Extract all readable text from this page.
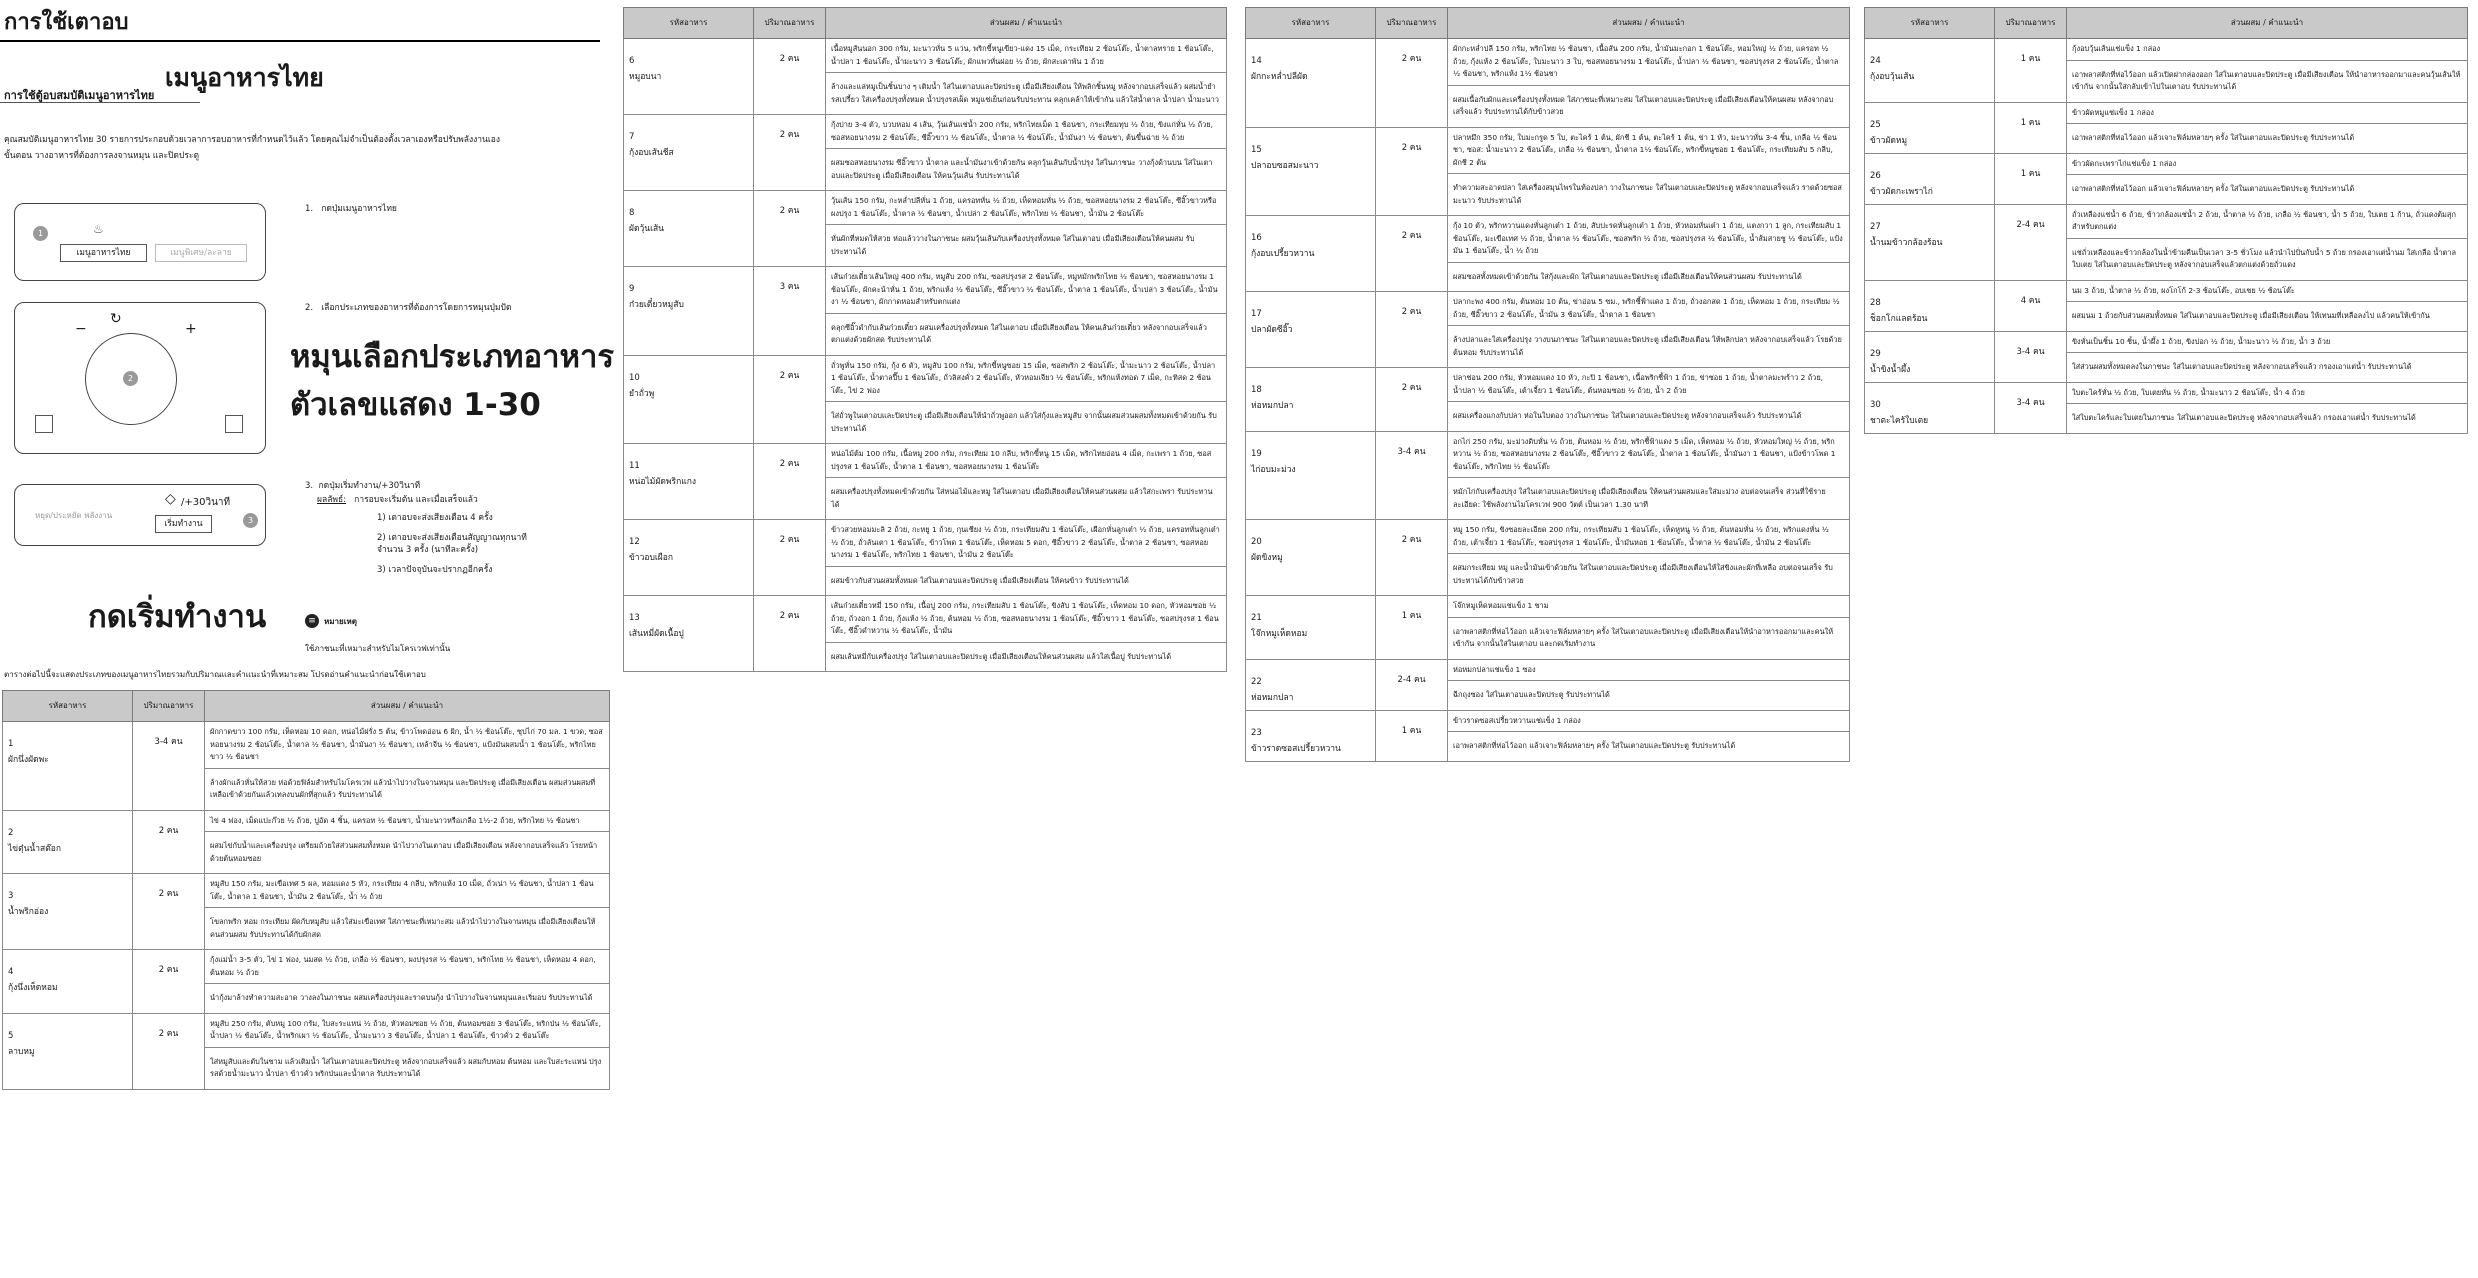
การใช้เตาอบ
เมนูอาหารไทย
การใช้ตู้อบสมบัติเมนูอาหารไทย
คุณสมบัติเมนูอาหารไทย 30 รายการประกอบด้วยเวลาการอบอาหารที่กำหนดไว้แล้ว โดยคุณไม่จำเป็นต้องตั้งเวลาเองหรือปรับพลังงานเอง
ขั้นตอน วางอาหารที่ต้องการลงจานหมุน และปิดประตู
1
เมนูอาหารไทย
♨
เมนูพิเศษ/ละลาย
2
−	+
↻
หยุด/ประหยัด พลังงาน
◇ /+30วินาที
เริ่มทำงาน	3
1. กดปุ่มเมนูอาหารไทย
2. เลือกประเภทของอาหารที่ต้องการโดยการหมุนปุ่มปัด
หมุนเลือกประเภทอาหาร
ตัวเลขแสดง 1-30
3. กดปุ่มเริ่มทำงาน/+30วินาที
ผลลัพธ์: การอบจะเริ่มต้น และเมื่อเสร็จแล้ว
1) เตาอบจะส่งเสียงเตือน 4 ครั้ง
2) เตาอบจะส่งเสียงเตือนสัญญาณทุกนาทีจำนวน 3 ครั้ง (นาทีละครั้ง)
3) เวลาปัจจุบันจะปรากฏอีกครั้ง
กดเริ่มทำงาน	≡	หมายเหตุ
ใช้ภาชนะที่เหมาะสำหรับไมโครเวฟเท่านั้น
ตารางต่อไปนี้จะแสดงประเภทของเมนูอาหารไทยรวมกับปริมาณและคำแนะนำที่เหมาะสม โปรดอ่านคำแนะนำก่อนใช้เตาอบ
รหัสอาหาร	ปริมาณอาหาร	ส่วนผสม / คำแนะนำ

1
ผักนึ่งผัดพะ	3-4 คน	ผักกาดขาว 100 กรัม, เห็ดหอม 10 ดอก, หน่อไม้ฝรั่ง 5 ต้น, ข้าวโพดอ่อน 6 ฝัก, น้ำ ½ ช้อนโต๊ะ, ซุปไก่ 70 มล. 1 ขวด, ซอสหอยนางรม 2 ช้อนโต๊ะ, น้ำตาล ½ ช้อนชา, น้ำมันงา ½ ช้อนชา, เหล้าจีน ½ ช้อนชา, แป้งมันผสมน้ำ 1 ช้อนโต๊ะ, พริกไทยขาว ½ ช้อนชา
		ล้างผักแล้วหั่นให้สวย ห่อด้วยฟิล์มสำหรับไมโครเวฟ แล้วนำไปวางในจานหมุน และปิดประตู เมื่อมีเสียงเตือน ผสมส่วนผสมที่เหลือเข้าด้วยกันแล้วเทลงบนผักที่สุกแล้ว รับประทานได้

2
ไข่ตุ๋นน้ำสต๊อก	2 คน	ไข่ 4 ฟอง, เม็ดแปะก๊วย ½ ถ้วย, ปูอัด 4 ชิ้น, แครอท ½ ช้อนชา, น้ำมะนาวหรือเกลือ 1½-2 ถ้วย, พริกไทย ½ ช้อนชา
		ผสมไข่กับน้ำและเครื่องปรุง เตรียมถ้วยใส่ส่วนผสมทั้งหมด นำไปวางในเตาอบ เมื่อมีเสียงเตือน หลังจากอบเสร็จแล้ว โรยหน้าด้วยต้นหอมซอย

3
น้ำพริกอ่อง	2 คน	หมูสับ 150 กรัม, มะเขือเทศ 5 ผล, หอมแดง 5 หัว, กระเทียม 4 กลีบ, พริกแห้ง 10 เม็ด, ถั่วเน่า ½ ช้อนชา, น้ำปลา 1 ช้อนโต๊ะ, น้ำตาล 1 ช้อนชา, น้ำมัน 2 ช้อนโต๊ะ, น้ำ ½ ถ้วย
		โขลกพริก หอม กระเทียม ผัดกับหมูสับ แล้วใส่มะเขือเทศ ใส่ภาชนะที่เหมาะสม แล้วนำไปวางในจานหมุน เมื่อมีเสียงเตือนให้คนส่วนผสม รับประทานได้กับผักสด

4
กุ้งนึ่งเห็ดหอม	2 คน	กุ้งแม่น้ำ 3-5 ตัว, ไข่ 1 ฟอง, นมสด ½ ถ้วย, เกลือ ½ ช้อนชา, ผงปรุงรส ½ ช้อนชา, พริกไทย ½ ช้อนชา, เห็ดหอม 4 ดอก, ต้นหอม ½ ถ้วย
		นำกุ้งมาล้างทำความสะอาด วางลงในภาชนะ ผสมเครื่องปรุงและราดบนกุ้ง นำไปวางในจานหมุนและเริ่มอบ รับประทานได้

5
ลาบหมู	2 คน	หมูสับ 250 กรัม, ตับหมู 100 กรัม, ใบสะระแหน่ ½ ถ้วย, หัวหอมซอย ½ ถ้วย, ต้นหอมซอย 3 ช้อนโต๊ะ, พริกป่น ½ ช้อนโต๊ะ, น้ำปลา ½ ช้อนโต๊ะ, น้ำพริกเผา ½ ช้อนโต๊ะ, น้ำมะนาว 3 ช้อนโต๊ะ, น้ำปลา 1 ช้อนโต๊ะ, ข้าวคั่ว 2 ช้อนโต๊ะ
		ใส่หมูสับและตับในชาม แล้วเติมน้ำ ใส่ในเตาอบและปิดประตู หลังจากอบเสร็จแล้ว ผสมกับหอม ต้นหอม และใบสะระแหน่ ปรุงรสด้วยน้ำมะนาว น้ำปลา ข้าวคั่ว พริกป่นและน้ำตาล รับประทานได้
รหัสอาหาร	ปริมาณอาหาร	ส่วนผสม / คำแนะนำ

6
หมูอบนา	2 คน	เนื้อหมูสันนอก 300 กรัม, มะนาวหั่น 5 แว่น, พริกขี้หนูเขียว-แดง 15 เม็ด, กระเทียม 2 ช้อนโต๊ะ, น้ำตาลทราย 1 ช้อนโต๊ะ, น้ำปลา 1 ช้อนโต๊ะ, น้ำมะนาว 3 ช้อนโต๊ะ, ผักแพวหั่นฝอย ½ ถ้วย, ผักสะเดาพัน 1 ถ้วย
		ล้างและแล่หมูเป็นชิ้นบาง ๆ เติมน้ำ ใส่ในเตาอบและปิดประตู เมื่อมีเสียงเตือน ให้พลิกชิ้นหมู หลังจากอบเสร็จแล้ว ผสมน้ำยำรสเปรี้ยว ใส่เครื่องปรุงทั้งหมด น้ำปรุงรสเผ็ด หมูแช่เย็นก่อนรับประทาน คลุกเคล้าให้เข้ากัน แล้วใส่น้ำตาล น้ำปลา น้ำมะนาว

7
กุ้งอบเส้นชีส	2 คน	กุ้งบ่าย 3-4 ตัว, บวบหอม 4 เส้น, วุ้นเส้นแช่น้ำ 200 กรัม, พริกไทยเม็ด 1 ช้อนชา, กระเทียมทุบ ½ ถ้วย, ขิงแก่หั่น ½ ถ้วย, ซอสหอยนางรม 2 ช้อนโต๊ะ, ซีอิ๊วขาว ½ ช้อนโต๊ะ, น้ำตาล ½ ช้อนโต๊ะ, น้ำมันงา ½ ช้อนชา, ต้นขึ้นฉ่าย ½ ถ้วย
		ผสมซอสหอยนางรม ซีอิ๊วขาว น้ำตาล และน้ำมันงาเข้าด้วยกัน คลุกวุ้นเส้นกับน้ำปรุง ใส่ในภาชนะ วางกุ้งด้านบน ใส่ในเตาอบและปิดประตู เมื่อมีเสียงเตือน ให้คนวุ้นเส้น รับประทานได้

8
ผัดวุ้นเส้น	2 คน	วุ้นเส้น 150 กรัม, กะหล่ำปลีหั่น 1 ถ้วย, แครอทหั่น ½ ถ้วย, เห็ดหอมหั่น ½ ถ้วย, ซอสหอยนางรม 2 ช้อนโต๊ะ, ซีอิ๊วขาวหรือผงปรุง 1 ช้อนโต๊ะ, น้ำตาล ½ ช้อนชา, น้ำเปล่า 2 ช้อนโต๊ะ, พริกไทย ½ ช้อนชา, น้ำมัน 2 ช้อนโต๊ะ
		หั่นผักที่หมดให้สวย ห่อแล้ววางในภาชนะ ผสมวุ้นเส้นกับเครื่องปรุงทั้งหมด ใส่ในเตาอบ เมื่อมีเสียงเตือนให้คนผสม รับประทานได้

9
ก๋วยเตี๋ยวหมูสับ	3 คน	เส้นก๋วยเตี๋ยวเส้นใหญ่ 400 กรัม, หมูสับ 200 กรัม, ซอสปรุงรส 2 ช้อนโต๊ะ, หมูหมักพริกไทย ½ ช้อนชา, ซอสหอยนางรม 1 ช้อนโต๊ะ, ผักคะน้าหั่น 1 ถ้วย, พริกแห้ง ½ ช้อนโต๊ะ, ซีอิ๊วขาว ½ ช้อนโต๊ะ, น้ำตาล 1 ช้อนโต๊ะ, น้ำเปล่า 3 ช้อนโต๊ะ, น้ำมันงา ½ ช้อนชา, ผักกาดหอมสำหรับตกแต่ง
		คลุกซีอิ๊วดำกับเส้นก๋วยเตี๋ยว ผสมเครื่องปรุงทั้งหมด ใส่ในเตาอบ เมื่อมีเสียงเตือน ให้คนเส้นก๋วยเตี๋ยว หลังจากอบเสร็จแล้ว ตกแต่งด้วยผักสด รับประทานได้

10
ยำถั่วพู	2 คน	ถั่วพูหั่น 150 กรัม, กุ้ง 6 ตัว, หมูสับ 100 กรัม, พริกขี้หนูซอย 15 เม็ด, ซอสพริก 2 ช้อนโต๊ะ, น้ำมะนาว 2 ช้อนโต๊ะ, น้ำปลา 1 ช้อนโต๊ะ, น้ำตาลปี๊บ 1 ช้อนโต๊ะ, ถั่วลิสงคั่ว 2 ช้อนโต๊ะ, หัวหอมเจียว ½ ช้อนโต๊ะ, พริกแห้งทอด 7 เม็ด, กะทิสด 2 ช้อนโต๊ะ, ไข่ 2 ฟอง
		ใส่ถั่วพูในเตาอบและปิดประตู เมื่อมีเสียงเตือนให้นำถั่วพูออก แล้วใส่กุ้งและหมูสับ จากนั้นผสมส่วนผสมทั้งหมดเข้าด้วยกัน รับประทานได้

11
หน่อไม้ผัดพริกแกง	2 คน	หน่อไม้ต้ม 100 กรัม, เนื้อหมู 200 กรัม, กระเทียม 10 กลีบ, พริกขี้หนู 15 เม็ด, พริกไทยอ่อน 4 เม็ด, กะเพรา 1 ถ้วย, ซอสปรุงรส 1 ช้อนโต๊ะ, น้ำตาล 1 ช้อนชา, ซอสหอยนางรม 1 ช้อนโต๊ะ
		ผสมเครื่องปรุงทั้งหมดเข้าด้วยกัน ใส่หน่อไม้และหมู ใส่ในเตาอบ เมื่อมีเสียงเตือนให้คนส่วนผสม แล้วใส่กะเพรา รับประทานได้

12
ข้าวอบเผือก	2 คน	ข้าวสวยหอมมะลิ 2 ถ้วย, กะหยู 1 ถ้วย, กุนเชียง ½ ถ้วย, กระเทียมสับ 1 ช้อนโต๊ะ, เผือกหั่นลูกเต๋า ½ ถ้วย, แครอทหั่นลูกเต๋า ½ ถ้วย, ถั่วลันเตา 1 ช้อนโต๊ะ, ข้าวโพด 1 ช้อนโต๊ะ, เห็ดหอม 5 ดอก, ซีอิ๊วขาว 2 ช้อนโต๊ะ, น้ำตาล 2 ช้อนชา, ซอสหอยนางรม 1 ช้อนโต๊ะ, พริกไทย 1 ช้อนชา, น้ำมัน 2 ช้อนโต๊ะ
		ผสมข้าวกับส่วนผสมทั้งหมด ใส่ในเตาอบและปิดประตู เมื่อมีเสียงเตือน ให้คนข้าว รับประทานได้

13
เส้นหมี่ผัดเนื้อปู	2 คน	เส้นก๋วยเตี๋ยวหมี่ 150 กรัม, เนื้อปู 200 กรัม, กระเทียมสับ 1 ช้อนโต๊ะ, ขิงสับ 1 ช้อนโต๊ะ, เห็ดหอม 10 ดอก, หัวหอมซอย ½ ถ้วย, ถั่วงอก 1 ถ้วย, กุ้งแห้ง ½ ถ้วย, ต้นหอม ½ ถ้วย, ซอสหอยนางรม 1 ช้อนโต๊ะ, ซีอิ๊วขาว 1 ช้อนโต๊ะ, ซอสปรุงรส 1 ช้อนโต๊ะ, ซีอิ๊วดำหวาน ½ ช้อนโต๊ะ, น้ำมัน
		ผสมเส้นหมี่กับเครื่องปรุง ใส่ในเตาอบและปิดประตู เมื่อมีเสียงเตือนให้คนส่วนผสม แล้วใส่เนื้อปู รับประทานได้
รหัสอาหาร	ปริมาณอาหาร	ส่วนผสม / คำแนะนำ

14
ผักกะหล่ำปลีผัด	2 คน	ผักกะหล่ำปลี 150 กรัม, พริกไทย ½ ช้อนชา, เนื้อสัน 200 กรัม, น้ำมันมะกอก 1 ช้อนโต๊ะ, หอมใหญ่ ½ ถ้วย, แครอท ½ ถ้วย, กุ้งแห้ง 2 ช้อนโต๊ะ, ใบมะนาว 3 ใบ, ซอสหอยนางรม 1 ช้อนโต๊ะ, น้ำปลา ½ ช้อนชา, ซอสปรุงรส 2 ช้อนโต๊ะ, น้ำตาล ½ ช้อนชา, พริกแห้ง 1½ ช้อนชา
		ผสมเนื้อกับผักและเครื่องปรุงทั้งหมด ใส่ภาชนะที่เหมาะสม ใส่ในเตาอบและปิดประตู เมื่อมีเสียงเตือนให้คนผสม หลังจากอบเสร็จแล้ว รับประทานได้กับข้าวสวย

15
ปลาอบซอสมะนาว	2 คน	ปลาหมึก 350 กรัม, ใบมะกรูด 5 ใบ, ตะไคร้ 1 ต้น, ผักชี 1 ต้น, ตะไคร้ 1 ต้น, ข่า 1 หัว, มะนาวหั่น 3-4 ชิ้น, เกลือ ½ ช้อนชา, ซอส: น้ำมะนาว 2 ช้อนโต๊ะ, เกลือ ½ ช้อนชา, น้ำตาล 1½ ช้อนโต๊ะ, พริกขี้หนูซอย 1 ช้อนโต๊ะ, กระเทียมสับ 5 กลีบ, ผักชี 2 ต้น
		ทำความสะอาดปลา ใส่เครื่องสมุนไพรในท้องปลา วางในภาชนะ ใส่ในเตาอบและปิดประตู หลังจากอบเสร็จแล้ว ราดด้วยซอสมะนาว รับประทานได้

16
กุ้งอบเปรี้ยวหวาน	2 คน	กุ้ง 10 ตัว, พริกหวานแดงหั่นลูกเต๋า 1 ถ้วย, สับปะรดหั่นลูกเต๋า 1 ถ้วย, หัวหอมหั่นเต๋า 1 ถ้วย, แตงกวา 1 ลูก, กระเทียมสับ 1 ช้อนโต๊ะ, มะเขือเทศ ½ ถ้วย, น้ำตาล ½ ช้อนโต๊ะ, ซอสพริก ½ ถ้วย, ซอสปรุงรส ½ ช้อนโต๊ะ, น้ำส้มสายชู ½ ช้อนโต๊ะ, แป้งมัน 1 ช้อนโต๊ะ, น้ำ ½ ถ้วย
		ผสมซอสทั้งหมดเข้าด้วยกัน ใส่กุ้งและผัก ใส่ในเตาอบและปิดประตู เมื่อมีเสียงเตือนให้คนส่วนผสม รับประทานได้

17
ปลาผัดซีอิ๊ว	2 คน	ปลากะพง 400 กรัม, ต้นหอม 10 ต้น, ข่าอ่อน 5 ซม., พริกชี้ฟ้าแดง 1 ถ้วย, ถั่วงอกสด 1 ถ้วย, เห็ดหอม 1 ถ้วย, กระเทียม ½ ถ้วย, ซีอิ๊วขาว 2 ช้อนโต๊ะ, น้ำมัน 3 ช้อนโต๊ะ, น้ำตาล 1 ช้อนชา
		ล้างปลาและใส่เครื่องปรุง วางบนภาชนะ ใส่ในเตาอบและปิดประตู เมื่อมีเสียงเตือน ให้พลิกปลา หลังจากอบเสร็จแล้ว โรยด้วยต้นหอม รับประทานได้

18
ห่อหมกปลา	2 คน	ปลาช่อน 200 กรัม, หัวหอมแดง 10 หัว, กะปิ 1 ช้อนชา, เนื้อพริกชี้ฟ้า 1 ถ้วย, ข่าซอย 1 ถ้วย, น้ำตาลมะพร้าว 2 ถ้วย, น้ำปลา ½ ช้อนโต๊ะ, เต้าเจี้ยว 1 ช้อนโต๊ะ, ต้นหอมซอย ½ ถ้วย, น้ำ 2 ถ้วย
		ผสมเครื่องแกงกับปลา ห่อในใบตอง วางในภาชนะ ใส่ในเตาอบและปิดประตู หลังจากอบเสร็จแล้ว รับประทานได้

19
ไก่อบมะม่วง	3-4 คน	อกไก่ 250 กรัม, มะม่วงดิบหั่น ½ ถ้วย, ต้นหอม ½ ถ้วย, พริกชี้ฟ้าแดง 5 เม็ด, เห็ดหอม ½ ถ้วย, หัวหอมใหญ่ ½ ถ้วย, พริกหวาน ½ ถ้วย, ซอสหอยนางรม 2 ช้อนโต๊ะ, ซีอิ๊วขาว 2 ช้อนโต๊ะ, น้ำตาล 1 ช้อนโต๊ะ, น้ำมันงา 1 ช้อนชา, แป้งข้าวโพด 1 ช้อนโต๊ะ, พริกไทย ½ ช้อนโต๊ะ
		หมักไก่กับเครื่องปรุง ใส่ในเตาอบและปิดประตู เมื่อมีเสียงเตือน ให้คนส่วนผสมและใส่มะม่วง อบต่อจนเสร็จ ส่วนที่ใช้รายละเอียด: ใช้พลังงานไมโครเวฟ 900 วัตต์ เป็นเวลา 1.30 นาที

20
ผัดขิงหมู	2 คน	หมู 150 กรัม, ขิงซอยละเอียด 200 กรัม, กระเทียมสับ 1 ช้อนโต๊ะ, เห็ดหูหนู ½ ถ้วย, ต้นหอมหั่น ½ ถ้วย, พริกแดงหั่น ½ ถ้วย, เต้าเจี้ยว 1 ช้อนโต๊ะ, ซอสปรุงรส 1 ช้อนโต๊ะ, น้ำมันหอย 1 ช้อนโต๊ะ, น้ำตาล ½ ช้อนโต๊ะ, น้ำมัน 2 ช้อนโต๊ะ
		ผสมกระเทียม หมู และน้ำมันเข้าด้วยกัน ใส่ในเตาอบและปิดประตู เมื่อมีเสียงเตือนให้ใส่ขิงและผักที่เหลือ อบต่อจนเสร็จ รับประทานได้กับข้าวสวย

21
โจ๊กหมูเห็ดหอม	1 คน	โจ๊กหมูเห็ดหอมแช่แข็ง 1 ชาม
		เอาพลาสติกที่ห่อไว้ออก แล้วเจาะฟิล์มหลายๆ ครั้ง ใส่ในเตาอบและปิดประตู เมื่อมีเสียงเตือนให้นำอาหารออกมาและคนให้เข้ากัน จากนั้นใส่ในเตาอบ และกดเริ่มทำงาน

22
ห่อหมกปลา	2-4 คน	ห่อหมกปลาแช่แข็ง 1 ซอง
		ฉีกถุงซอง ใส่ในเตาอบและปิดประตู รับประทานได้

23
ข้าวราดซอสเปรี้ยวหวาน	1 คน	ข้าวราดซอสเปรี้ยวหวานแช่แข็ง 1 กล่อง
		เอาพลาสติกที่ห่อไว้ออก แล้วเจาะฟิล์มหลายๆ ครั้ง ใส่ในเตาอบและปิดประตู รับประทานได้
รหัสอาหาร	ปริมาณอาหาร	ส่วนผสม / คำแนะนำ

24
กุ้งอบวุ้นเส้น	1 คน	กุ้งอบวุ้นเส้นแช่แข็ง 1 กล่อง
		เอาพลาสติกที่ห่อไว้ออก แล้วเปิดฝากล่องออก ใส่ในเตาอบและปิดประตู เมื่อมีเสียงเตือน ให้นำอาหารออกมาและคนวุ้นเส้นให้เข้ากัน จากนั้นใส่กลับเข้าไปในเตาอบ รับประทานได้

25
ข้าวผัดหมู	1 คน	ข้าวผัดหมูแช่แข็ง 1 กล่อง
		เอาพลาสติกที่ห่อไว้ออก แล้วเจาะฟิล์มหลายๆ ครั้ง ใส่ในเตาอบและปิดประตู รับประทานได้

26
ข้าวผัดกะเพราไก่	1 คน	ข้าวผัดกะเพราไก่แช่แข็ง 1 กล่อง
		เอาพลาสติกที่ห่อไว้ออก แล้วเจาะฟิล์มหลายๆ ครั้ง ใส่ในเตาอบและปิดประตู รับประทานได้

27
น้ำนมข้าวกล้องร้อน	2-4 คน	ถั่วเหลืองแช่น้ำ 6 ถ้วย, ข้าวกล้องแช่น้ำ 2 ถ้วย, น้ำตาล ½ ถ้วย, เกลือ ½ ช้อนชา, น้ำ 5 ถ้วย, ใบเตย 1 ก้าน, ถั่วแดงต้มสุกสำหรับตกแต่ง
		แช่ถั่วเหลืองและข้าวกล้องในน้ำข้ามคืนเป็นเวลา 3-5 ชั่วโมง แล้วนำไปปั่นกับน้ำ 5 ถ้วย กรองเอาแต่น้ำนม ใส่เกลือ น้ำตาล ใบเตย ใส่ในเตาอบและปิดประตู หลังจากอบเสร็จแล้วตกแต่งด้วยถั่วแดง

28
ช็อกโกแลตร้อน	4 คน	นม 3 ถ้วย, น้ำตาล ½ ถ้วย, ผงโกโก้ 2-3 ช้อนโต๊ะ, อบเชย ½ ช้อนโต๊ะ
		ผสมนม 1 ถ้วยกับส่วนผสมทั้งหมด ใส่ในเตาอบและปิดประตู เมื่อมีเสียงเตือน ให้เทนมที่เหลือลงไป แล้วคนให้เข้ากัน

29
น้ำขิงน้ำผึ้ง	3-4 คน	ขิงหั่นเป็นชิ้น 10 ชิ้น, น้ำผึ้ง 1 ถ้วย, ขิงปอก ½ ถ้วย, น้ำมะนาว ½ ถ้วย, น้ำ 3 ถ้วย
		ใส่ส่วนผสมทั้งหมดลงในภาชนะ ใส่ในเตาอบและปิดประตู หลังจากอบเสร็จแล้ว กรองเอาแต่น้ำ รับประทานได้

30
ชาตะไคร้ใบเตย	3-4 คน	ใบตะไคร้หั่น ½ ถ้วย, ใบเตยหั่น ½ ถ้วย, น้ำมะนาว 2 ช้อนโต๊ะ, น้ำ 4 ถ้วย
		ใส่ใบตะไคร้และใบเตยในภาชนะ ใส่ในเตาอบและปิดประตู หลังจากอบเสร็จแล้ว กรองเอาแต่น้ำ รับประทานได้
